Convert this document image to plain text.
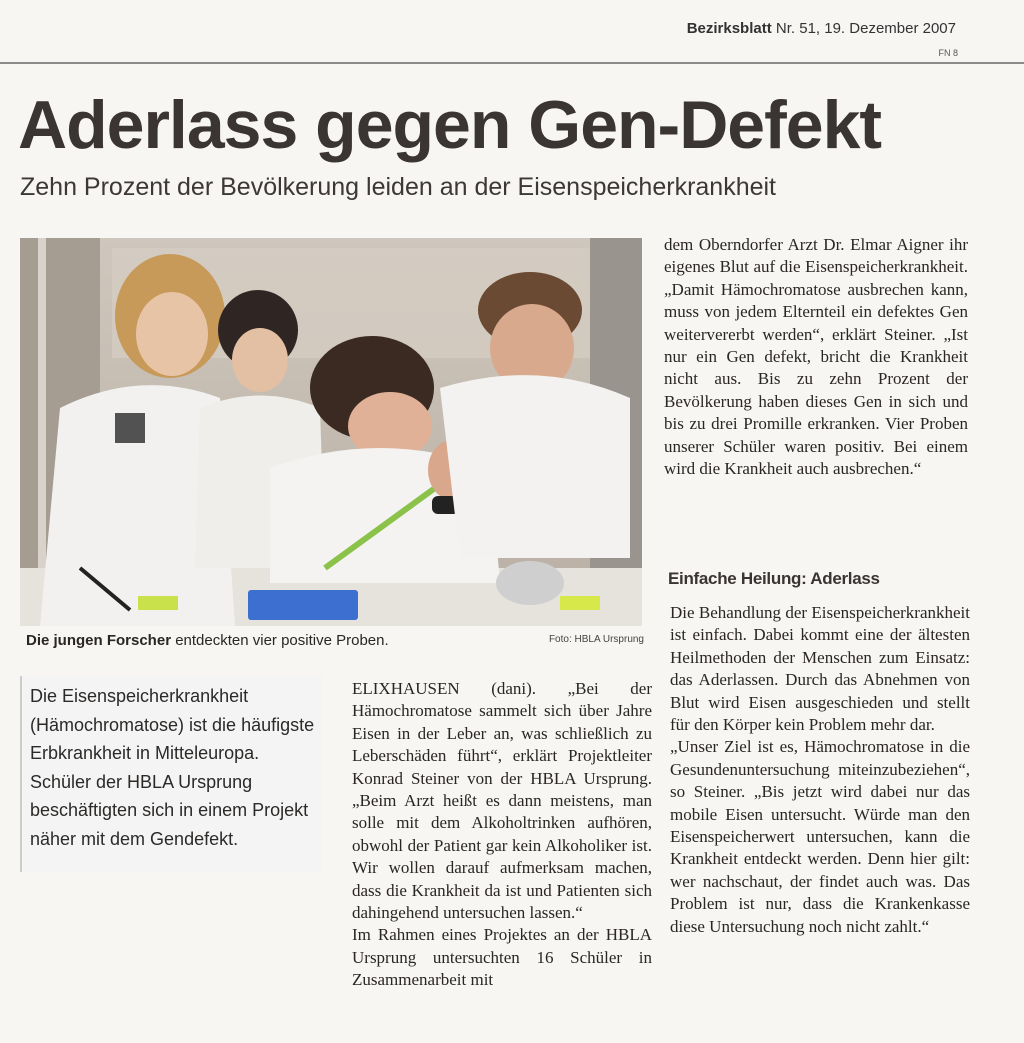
Bezirksblatt Nr. 51, 19. Dezember 2007
FN 8
Aderlass gegen Gen-Defekt
Zehn Prozent der Bevölkerung leiden an der Eisenspeicherkrankheit
Die jungen Forscher entdeckten vier positive Proben.	Foto: HBLA Ursprung

Die Eisenspeicherkrankheit (Hämochromatose) ist die häufigste Erbkrankheit in Mitteleuropa. Schüler der HBLA Ursprung beschäftigten sich in einem Projekt näher mit dem Gendefekt.

ELIXHAUSEN (dani). „Bei der Hämochromatose sammelt sich über Jahre Eisen in der Leber an, was schließlich zu Leberschäden führt“, erklärt Projektleiter Konrad Steiner von der HBLA Ursprung. „Beim Arzt heißt es dann meistens, man solle mit dem Alkoholtrinken aufhören, obwohl der Patient gar kein Alkoholiker ist. Wir wollen darauf aufmerksam machen, dass die Krankheit da ist und Patienten sich dahingehend untersuchen lassen.“

Im Rahmen eines Projektes an der HBLA Ursprung untersuchten 16 Schüler in Zusammenarbeit mit

dem Oberndorfer Arzt Dr. Elmar Aigner ihr eigenes Blut auf die Eisenspeicherkrankheit. „Damit Hämochromatose ausbrechen kann, muss von jedem Elternteil ein defektes Gen weitervererbt werden“, erklärt Steiner. „Ist nur ein Gen defekt, bricht die Krankheit nicht aus. Bis zu zehn Prozent der Bevölkerung haben dieses Gen in sich und bis zu drei Promille erkranken. Vier Proben unserer Schüler waren positiv. Bei einem wird die Krankheit auch ausbrechen.“

Einfache Heilung: Aderlass

Die Behandlung der Eisenspeicherkrankheit ist einfach. Dabei kommt eine der ältesten Heilmethoden der Menschen zum Einsatz: das Aderlassen. Durch das Abnehmen von Blut wird Eisen ausgeschieden und stellt für den Körper kein Problem mehr dar.

„Unser Ziel ist es, Hämochromatose in die Gesundenuntersuchung miteinzubeziehen“, so Steiner. „Bis jetzt wird dabei nur das mobile Eisen untersucht. Würde man den Eisenspeicherwert untersuchen, kann die Krankheit entdeckt werden. Denn hier gilt: wer nachschaut, der findet auch was. Das Problem ist nur, dass die Krankenkasse diese Untersuchung noch nicht zahlt.“
